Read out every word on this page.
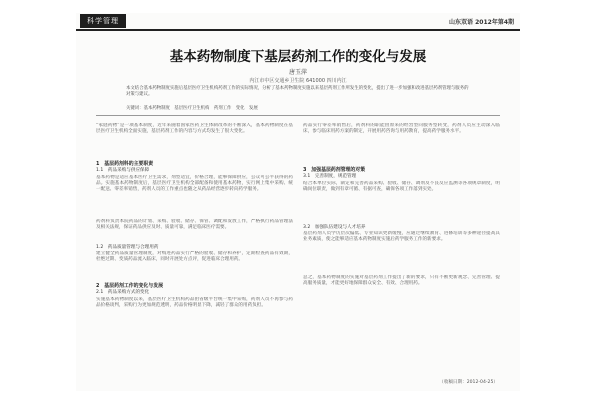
科学管理	山东双语 2012年第4期
基本药物制度下基层药剂工作的变化与发展
唐玉萍
内江市中区交通乡卫生院 641000 四川内江
本文结合基本药物制度实施后基层医疗卫生机构药剂工作的实际情况，分析了基本药物制度实施以来基层药剂工作所发生的变化，提出了进一步加强和改进基层药剂管理与服务的对策与建议。
关键词：基本药物制度　基层医疗卫生机构　药剂工作　变化　发展

“家庭药物”是一项基本制度，近年来随着国家医药卫生体制改革的不断深入，基本药物制度在基层医疗卫生机构全面实施，基层药剂工作的内容与方式均发生了很大变化。

1　基层药剂科的主要职责

1.1　药品采购与供应保障

基本药物是适应基本医疗卫生需求，剂型适宜，价格合理，能够保障供应，公众可公平获得的药品。实施基本药物制度后，基层医疗卫生机构全部配备和使用基本药物，实行网上集中采购、统一配送、零差率销售，药剂人员的工作重点也随之从药品经营逐步转向药学服务。

药剂科负责本院药品的计划、采购、验收、储存、保管、调配和发放工作，严格执行药品管理法及相关法规，保证药品供应及时、质量可靠，满足临床医疗需要。

1.2　药品质量管理与合理用药

建立健全药品质量管理制度，对购进药品实行严格的验收、储存和养护，定期检查药品有效期，杜绝过期、变质药品流入临床，同时开展处方点评，促进临床合理用药。

2　基层药剂工作的变化与发展

2.1　药品采购方式的变化

实施基本药物制度以来，基层医疗卫生机构药品由省级平台统一集中采购，药剂人员不再参与药品价格谈判，采购行为更加规范透明，药品价格明显下降，减轻了群众的用药负担。

药品实行零差率销售后，药剂科的职能由原来的经营型向服务型转变，药剂人员应主动深入临床，参与临床用药方案的制定，开展用药咨询与用药教育，提高药学服务水平。

3　加强基层药剂管理的对策

3.1　完善制度，规范管理

结合本单位实际，制定和完善药品采购、验收、储存、调剂及不良反应监测等各项规章制度，明确岗位职责，做到有章可循、有据可查，确保各项工作落到实处。

3.2　加强队伍建设与人才培养

基层药剂人员学历层次偏低、专业知识更新缓慢，应通过继续教育、进修培训等多种途径提高其业务素质，使之能够适应基本药物制度实施后药学服务工作的新要求。

总之，基本药物制度的实施对基层药剂工作提出了新的要求，只有不断更新观念、完善管理、提高服务质量，才能更好地保障群众安全、有效、合理用药。

（收稿日期：2012-04-25）
